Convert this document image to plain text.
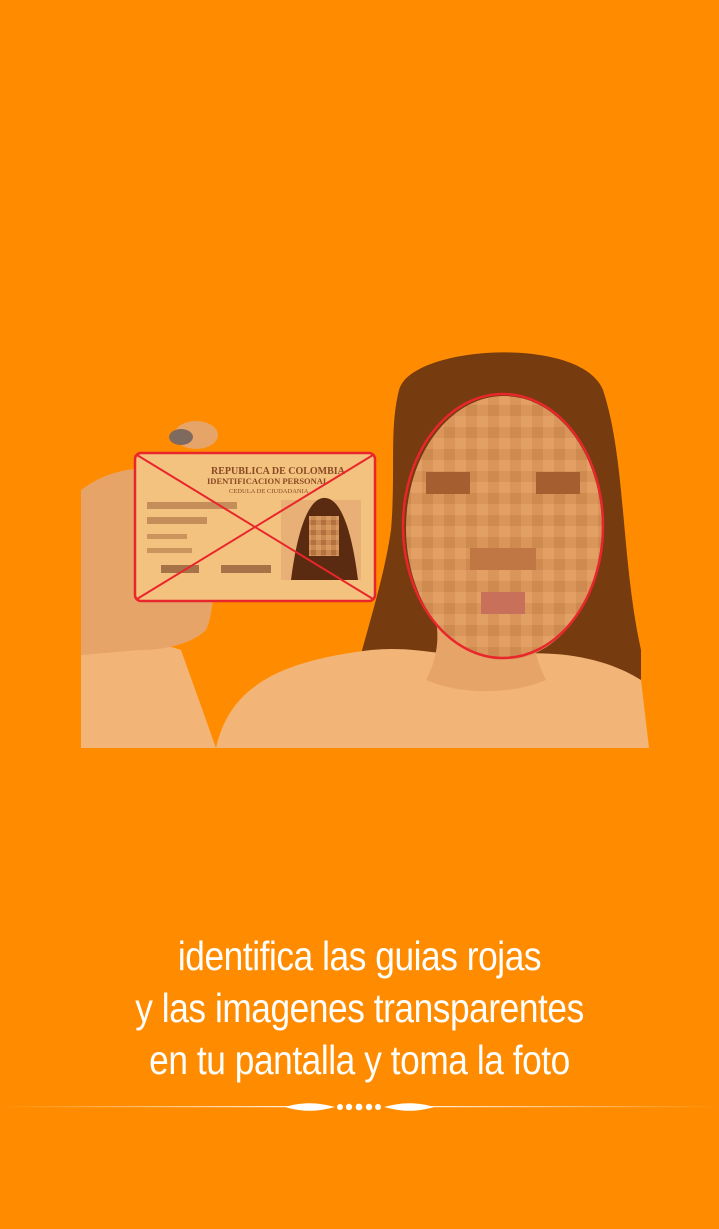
REPUBLICA DE COLOMBIA
IDENTIFICACION PERSONAL
CEDULA DE CIUDADANIA
identifica las guias rojas
y las imagenes transparentes
en tu pantalla y toma la foto
